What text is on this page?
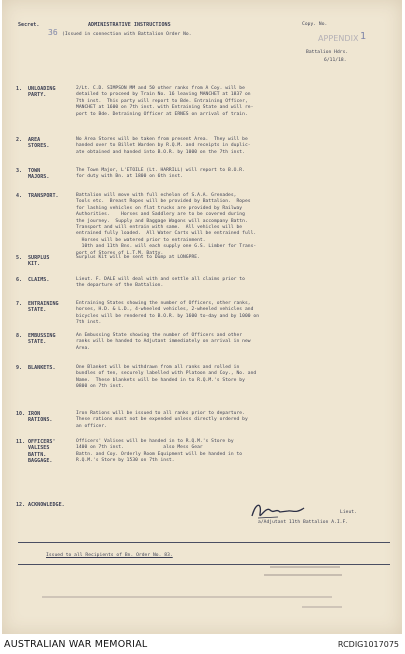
Secret.	ADMINISTRATIVE INSTRUCTIONS	Copy. No.
36 (Issued in connection with Battalion Order No.	APPENDIX 1
Battalion Hdrs.
6/11/18.
1. UNLOADING
PARTY.
2/Lt. C.D. SIMPSON MM and 50 other ranks from A Coy. will be
detailed to proceed by Train No. 16 leaving MANCHET at 1837 on
7th inst.  This party will report to Bde. Entraining Officer,
MANCHET at 1600 on 7th inst. with Entraining State and will re-
port to Bde. Detraining Officer at ERNES on arrival of train.
2. AREA
STORES.
No Area Stores will be taken from present Area.  They will be
handed over to Billet Warden by R.Q.M. and receipts in duplic-
ate obtained and handed into B.O.R. by 1000 on the 7th inst.
3. TOWN
MAJORS.
The Town Major, L'ETOILE (Lt. HARRILL) will report to B.O.R.
for duty with Bn. at 1800 on 6th inst.
4. TRANSPORT.	Battalion will move with full echelon of S.A.A. Grenades,
Tools etc.  Breast Ropes will be provided by Battalion.  Ropes
for lashing vehicles on flat trucks are provided by Railway
Authorities.    Horses and Saddlery are to be covered during
the journey.  Supply and Baggage Wagons will accompany Battn.
Transport and will entrain with same.  All vehicles will be
entrained fully loaded.  All Water Carts will be entrained full.
Horses will be watered prior to entrainment.
10th and 11th Bns. will each supply one G.S. Limber for Trans-
port of Stores of L.T.M. Batty.
5. SURPLUS
KIT.
Surplus Kit will be sent to Dump at LONGPRE.
6. CLAIMS.	Lieut. F. DALE will deal with and settle all claims prior to
the departure of the Battalion.
7. ENTRAINING
STATE.
Entraining States showing the number of Officers, other ranks,
horses, H.D. & L.D., 4-wheeled vehicles, 2-wheeled vehicles and
bicycles will be rendered to B.O.R. by 1600 to-day and by 1000 on
7th inst.
8. EMBUSSING
STATE.
An Embussing State showing the number of Officers and other
ranks will be handed to Adjutant immediately on arrival in new
Area.
9. BLANKETS.	One Blanket will be withdrawn from all ranks and rolled in
bundles of ten, securely labelled with Platoon and Coy., No. and
Name.  These blankets will be handed in to R.Q.M.'s Store by
0800 on 7th inst.
10. IRON
RATIONS.
Iron Rations will be issued to all ranks prior to departure.
These rations must not be expended unless directly ordered by
an officer.
11. OFFICERS'
VALISES
BATTN.
BAGGAGE.
Officers' Valises will be handed in to R.Q.M.'s Store by
1400 on 7th inst.              also Mess Gear
Battn. and Coy. Orderly Room Equipment will be handed in to
R.Q.M.'s Store by 1530 on 7th inst.
12. ACKNOWLEDGE.
Lieut.
a/Adjutant 11th Battalion A.I.F.
Issued to all Recipients of Bn. Order No. 83.
AUSTRALIAN WAR MEMORIAL	RCDIG1017075
